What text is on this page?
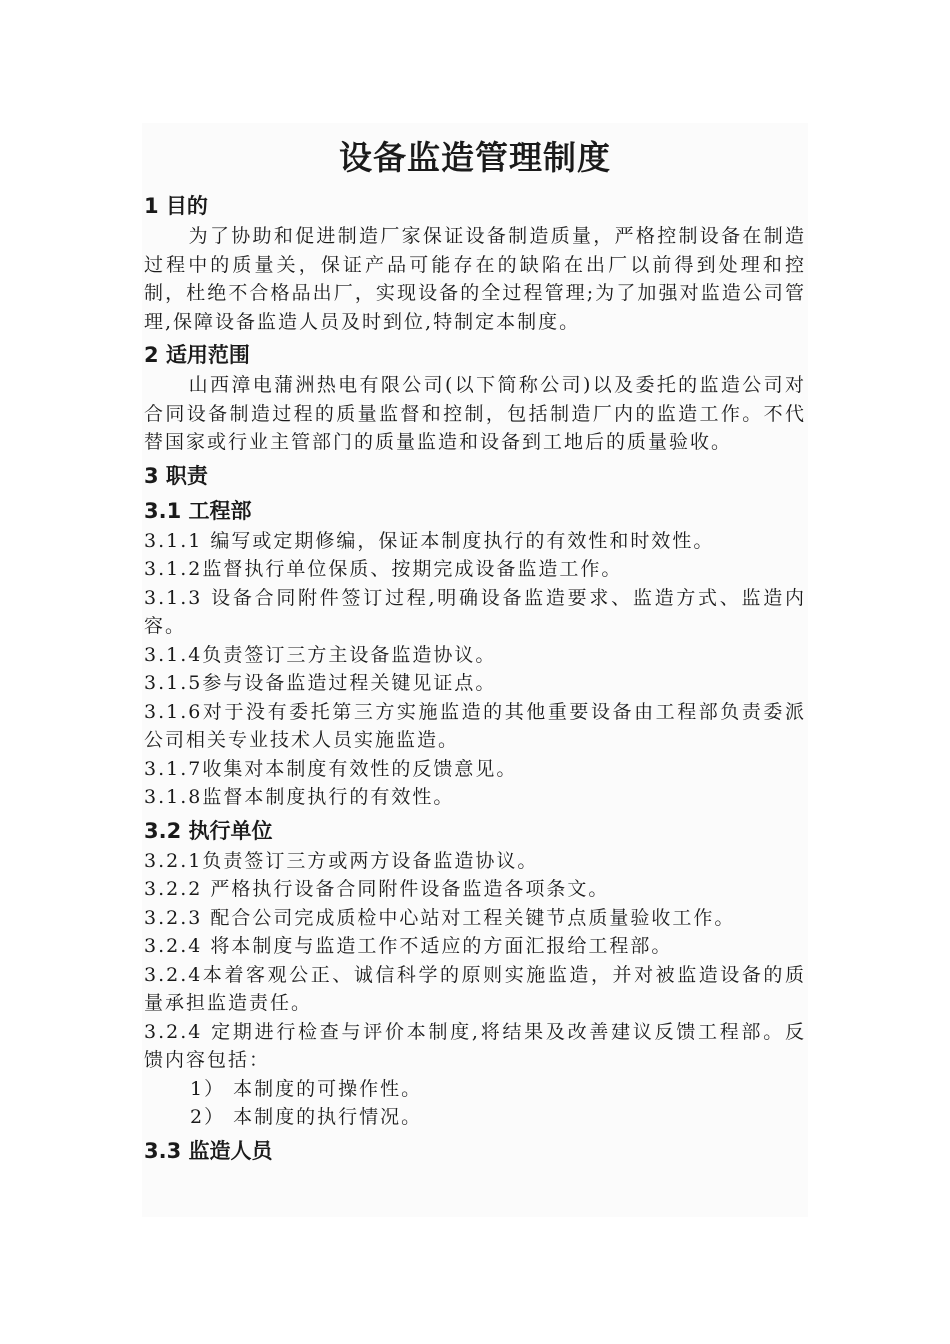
设备监造管理制度
1 目的

为了协助和促进制造厂家保证设备制造质量，严格控制设备在制造过程中的质量关，保证产品可能存在的缺陷在出厂以前得到处理和控制，杜绝不合格品出厂，实现设备的全过程管理;为了加强对监造公司管理,保障设备监造人员及时到位,特制定本制度。

2 适用范围

山西漳电蒲洲热电有限公司(以下简称公司)以及委托的监造公司对合同设备制造过程的质量监督和控制，包括制造厂内的监造工作。不代替国家或行业主管部门的质量监造和设备到工地后的质量验收。

3 职责
3.1 工程部

3.1.1 编写或定期修编，保证本制度执行的有效性和时效性。

3.1.2监督执行单位保质、按期完成设备监造工作。

3.1.3 设备合同附件签订过程,明确设备监造要求、监造方式、监造内容。

3.1.4负责签订三方主设备监造协议。

3.1.5参与设备监造过程关键见证点。

3.1.6对于没有委托第三方实施监造的其他重要设备由工程部负责委派公司相关专业技术人员实施监造。

3.1.7收集对本制度有效性的反馈意见。

3.1.8监督本制度执行的有效性。

3.2 执行单位

3.2.1负责签订三方或两方设备监造协议。

3.2.2 严格执行设备合同附件设备监造各项条文。

3.2.3 配合公司完成质检中心站对工程关键节点质量验收工作。

3.2.4 将本制度与监造工作不适应的方面汇报给工程部。

3.2.4本着客观公正、诚信科学的原则实施监造，并对被监造设备的质量承担监造责任。

3.2.4 定期进行检查与评价本制度,将结果及改善建议反馈工程部。反馈内容包括：

1） 本制度的可操作性。

2） 本制度的执行情况。

3.3 监造人员
